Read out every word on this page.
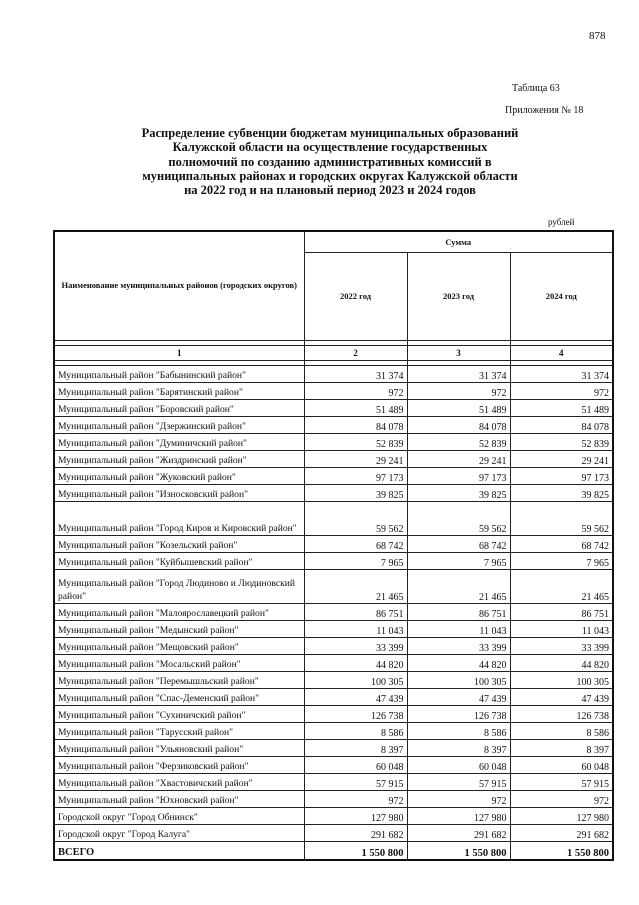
878
Таблица 63
Приложения № 18
Распределение субвенции бюджетам муниципальных образований
Калужской области на осуществление государственных
полномочий по созданию административных комиссий в
муниципальных районах и городских округах Калужской области
на 2022 год и на плановый период 2023 и 2024 годов
рублей
Наименование муниципальных районов (городских округов)	Сумма		
	2022 год	2023 год	2024 год

1	2	3	4

Муниципальный район "Бабынинский район"	31 374	31 374	31 374
Муниципальный район "Барятинский район"	972	972	972
Муниципальный район "Боровский район"	51 489	51 489	51 489
Муниципальный район "Дзержинский район"	84 078	84 078	84 078
Муниципальный район "Думиничский район"	52 839	52 839	52 839
Муниципальный район "Жиздринский район"	29 241	29 241	29 241
Муниципальный район "Жуковский район"	97 173	97 173	97 173
Муниципальный район "Износковский район"	39 825	39 825	39 825
Муниципальный район "Город Киров и Кировский район"	59 562	59 562	59 562
Муниципальный район "Козельский район"	68 742	68 742	68 742
Муниципальный район "Куйбышевский район"	7 965	7 965	7 965
Муниципальный район "Город Людиново и Людиновский район"	21 465	21 465	21 465
Муниципальный район "Малоярославецкий район"	86 751	86 751	86 751
Муниципальный район "Медынский район"	11 043	11 043	11 043
Муниципальный район "Мещовский район"	33 399	33 399	33 399
Муниципальный район "Мосальский район"	44 820	44 820	44 820
Муниципальный район "Перемышльский район"	100 305	100 305	100 305
Муниципальный район "Спас-Деменский район"	47 439	47 439	47 439
Муниципальный район "Сухиничский район"	126 738	126 738	126 738
Муниципальный район "Тарусский район"	8 586	8 586	8 586
Муниципальный район "Ульяновский район"	8 397	8 397	8 397
Муниципальный район "Ферзиковский район"	60 048	60 048	60 048
Муниципальный район "Хвастовичский район"	57 915	57 915	57 915
Муниципальный район "Юхновский район"	972	972	972
Городской округ "Город Обнинск"	127 980	127 980	127 980
Городской округ "Город Калуга"	291 682	291 682	291 682
ВСЕГО	1 550 800	1 550 800	1 550 800
